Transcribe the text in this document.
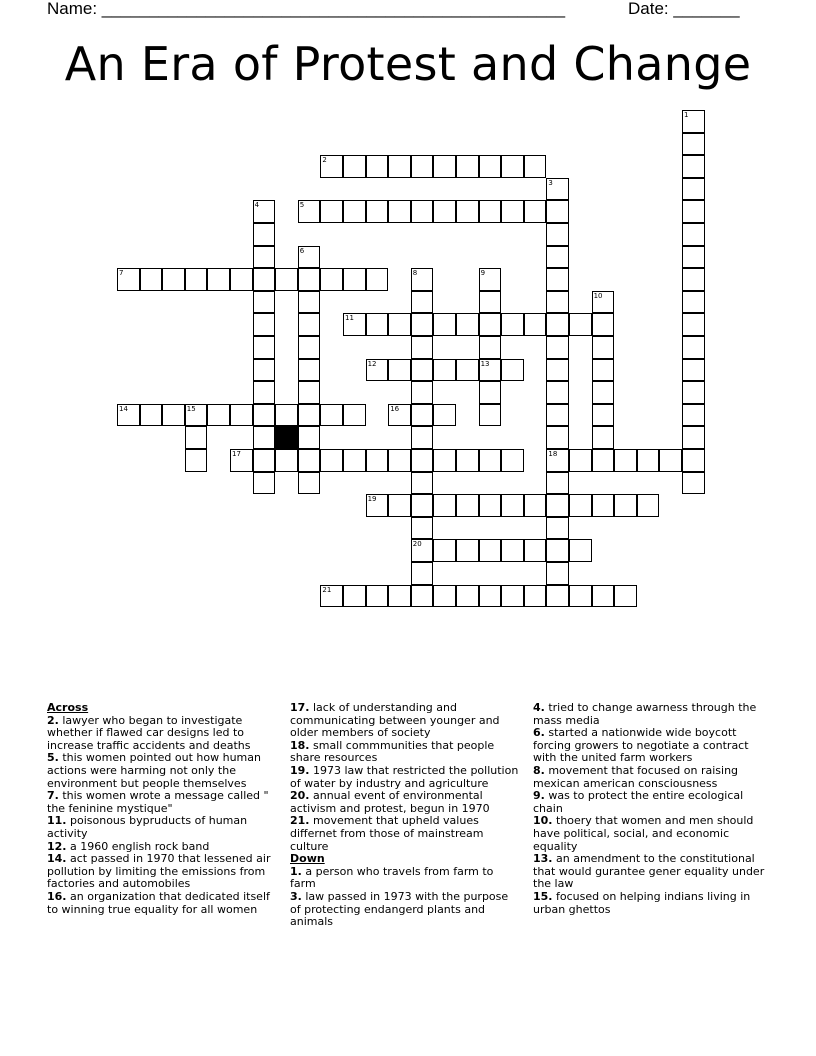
Name: _________________________________________________	Date: _______
An Era of Protest and Change
1
2
3
18
4	5
6
7	8
20
9
13
10
11
12
14	15	16
17
19
21

Across

2. lawyer who began to investigate whether if flawed car designs led to increase traffic accidents and deaths

5. this women pointed out how human actions were harming not only the environment but people themselves

7. this women wrote a message called " the feninine mystique"

11. poisonous bypruducts of human activity

12. a 1960 english rock band

14. act passed in 1970 that lessened air pollution by limiting the emissions from factories and automobiles

16. an organization that dedicated itself to winning true equality for all women

17. lack of understanding and communicating between younger and older members of society

18. small commmunities that people share resources

19. 1973 law that restricted the pollution of water by industry and agriculture

20. annual event of environmental activism and protest, begun in 1970

21. movement that upheld values differnet from those of mainstream culture

Down

1. a person who travels from farm to farm

3. law passed in 1973 with the purpose of protecting endangerd plants and animals

4. tried to change awarness through the mass media

6. started a nationwide wide boycott forcing growers to negotiate a contract with the united farm workers

8. movement that focused on raising mexican american consciousness

9. was to protect the entire ecological chain

10. thoery that women and men should have political, social, and economic equality

13. an amendment to the constitutional that would gurantee gener equality under the law

15. focused on helping indians living in urban ghettos
